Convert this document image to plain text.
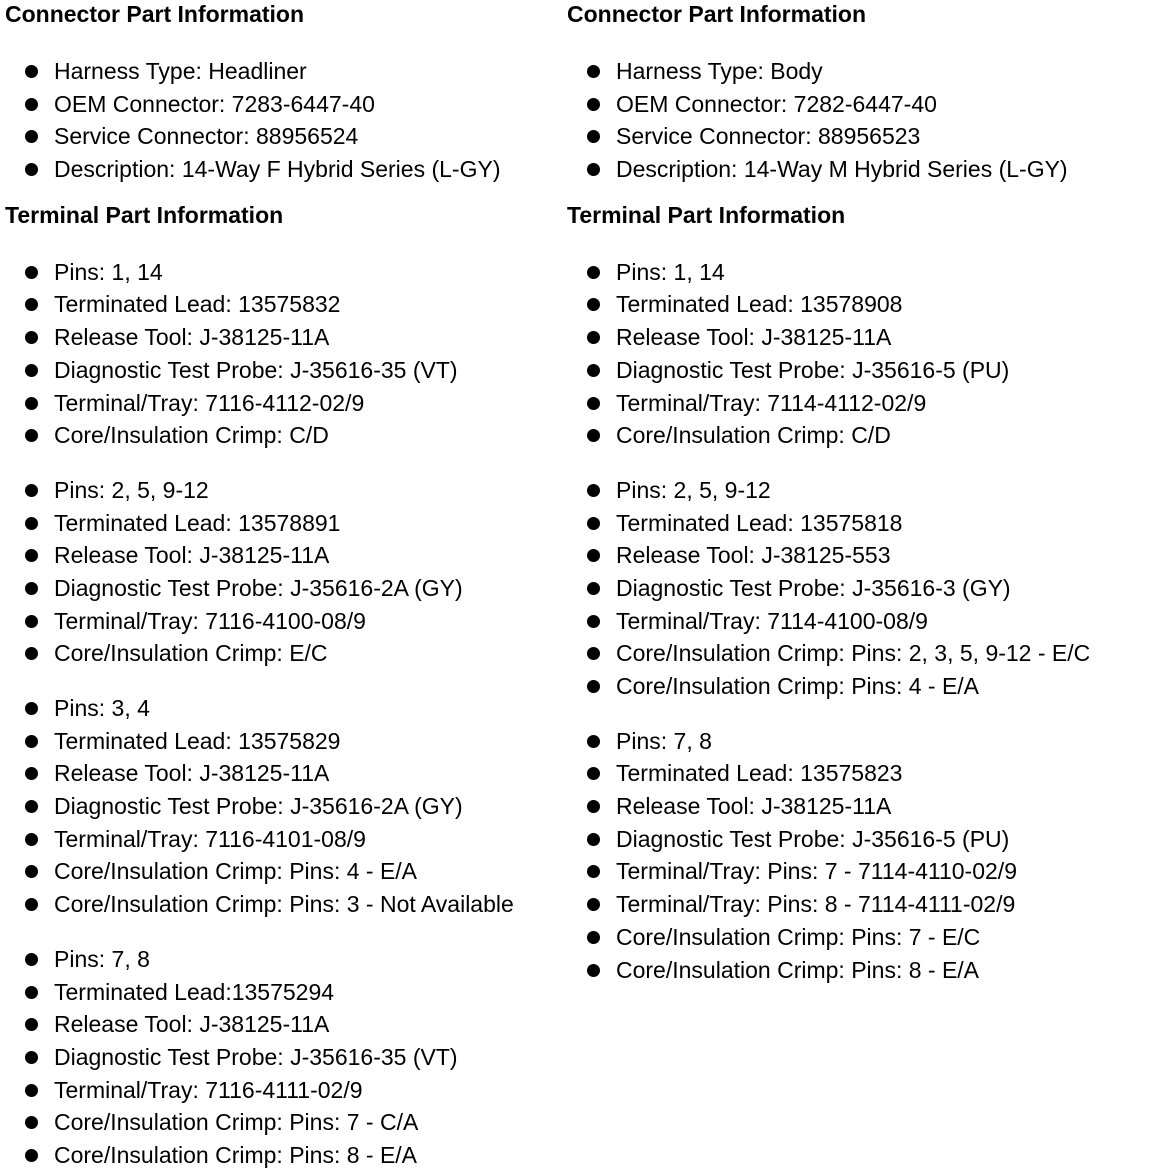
Connector Part Information
Harness Type: Headliner
OEM Connector: 7283-6447-40
Service Connector: 88956524
Description: 14-Way F Hybrid Series (L-GY)
Terminal Part Information
Pins: 1, 14
Terminated Lead: 13575832
Release Tool: J-38125-11A
Diagnostic Test Probe: J-35616-35 (VT)
Terminal/Tray: 7116-4112-02/9
Core/Insulation Crimp: C/D
Pins: 2, 5, 9-12
Terminated Lead: 13578891
Release Tool: J-38125-11A
Diagnostic Test Probe: J-35616-2A (GY)
Terminal/Tray: 7116-4100-08/9
Core/Insulation Crimp: E/C
Pins: 3, 4
Terminated Lead: 13575829
Release Tool: J-38125-11A
Diagnostic Test Probe: J-35616-2A (GY)
Terminal/Tray: 7116-4101-08/9
Core/Insulation Crimp: Pins: 4 - E/A
Core/Insulation Crimp: Pins: 3 - Not Available
Pins: 7, 8
Terminated Lead:13575294
Release Tool: J-38125-11A
Diagnostic Test Probe: J-35616-35 (VT)
Terminal/Tray: 7116-4111-02/9
Core/Insulation Crimp: Pins: 7 - C/A
Core/Insulation Crimp: Pins: 8 - E/A
Connector Part Information
Harness Type: Body
OEM Connector: 7282-6447-40
Service Connector: 88956523
Description: 14-Way M Hybrid Series (L-GY)
Terminal Part Information
Pins: 1, 14
Terminated Lead: 13578908
Release Tool: J-38125-11A
Diagnostic Test Probe: J-35616-5 (PU)
Terminal/Tray: 7114-4112-02/9
Core/Insulation Crimp: C/D
Pins: 2, 5, 9-12
Terminated Lead: 13575818
Release Tool: J-38125-553
Diagnostic Test Probe: J-35616-3 (GY)
Terminal/Tray: 7114-4100-08/9
Core/Insulation Crimp: Pins: 2, 3, 5, 9-12 - E/C
Core/Insulation Crimp: Pins: 4 - E/A
Pins: 7, 8
Terminated Lead: 13575823
Release Tool: J-38125-11A
Diagnostic Test Probe: J-35616-5 (PU)
Terminal/Tray: Pins: 7 - 7114-4110-02/9
Terminal/Tray: Pins: 8 - 7114-4111-02/9
Core/Insulation Crimp: Pins: 7 - E/C
Core/Insulation Crimp: Pins: 8 - E/A
